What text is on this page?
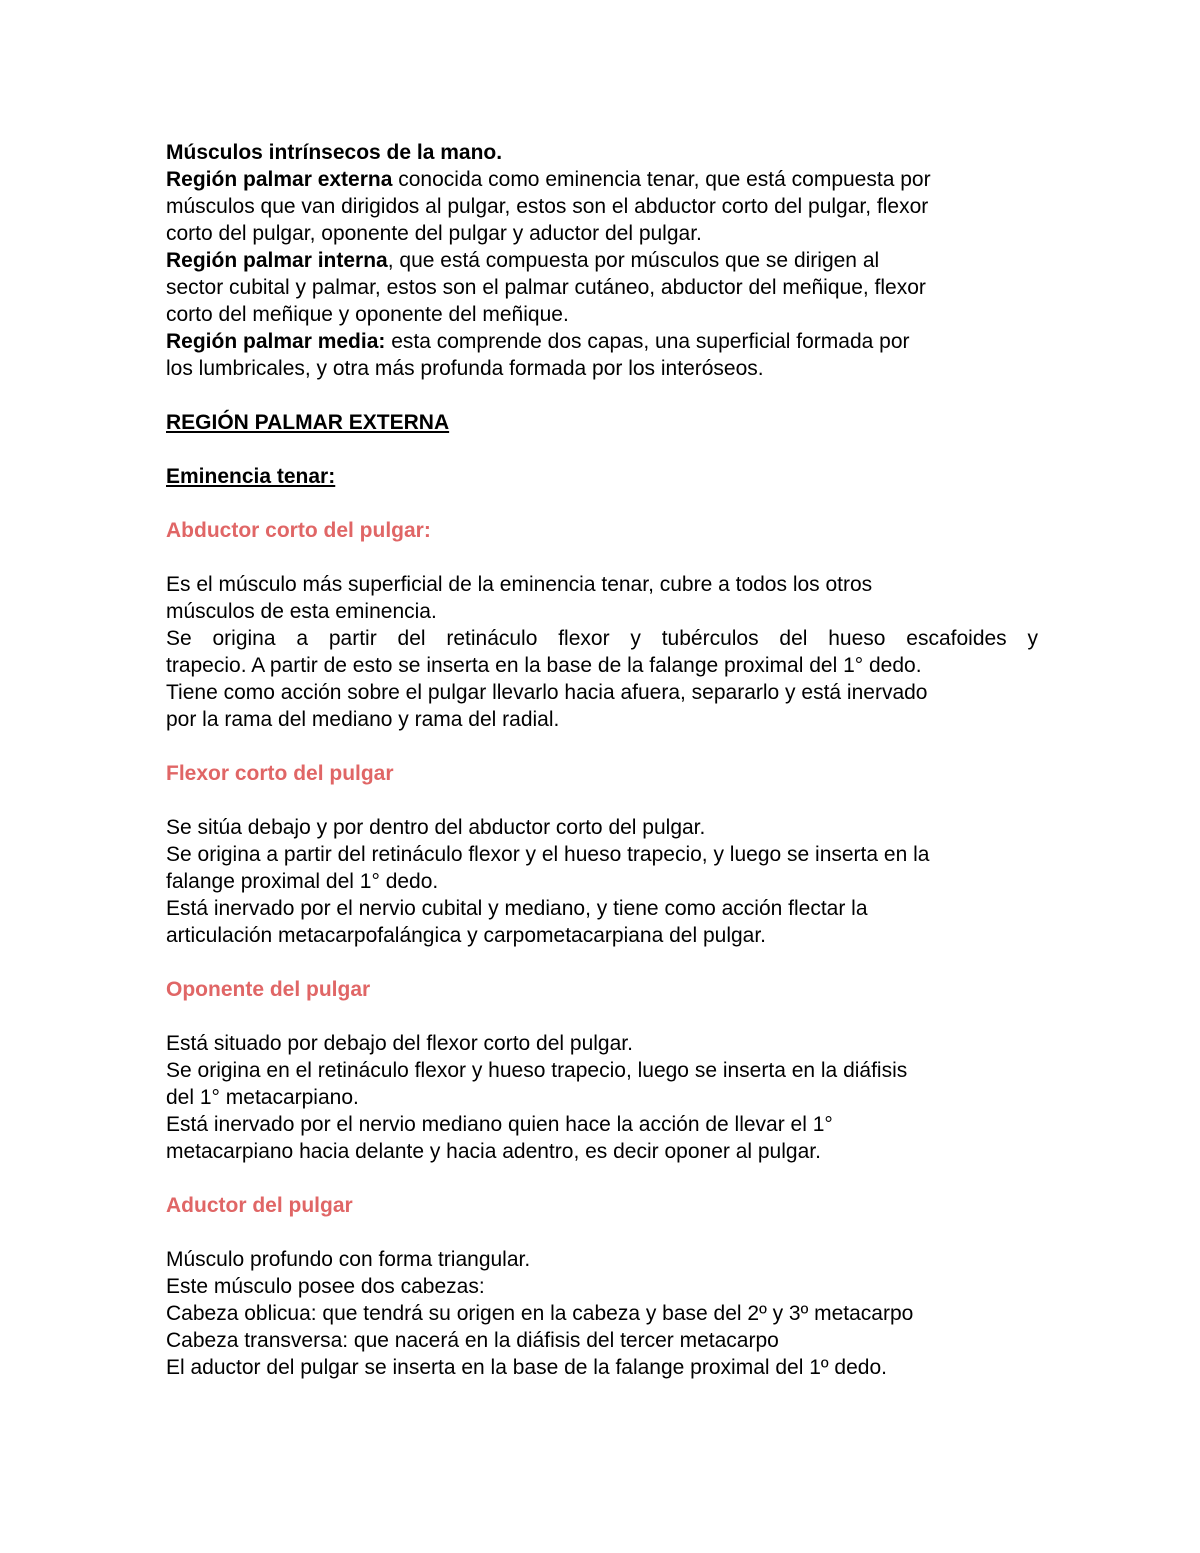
Músculos intrínsecos de la mano.
Región palmar externa conocida como eminencia tenar, que está compuesta por
músculos que van dirigidos al pulgar, estos son el abductor corto del pulgar, flexor
corto del pulgar, oponente del pulgar y aductor del pulgar.
Región palmar interna, que está compuesta por músculos que se dirigen al
sector cubital y palmar, estos son el palmar cutáneo, abductor del meñique, flexor
corto del meñique y oponente del meñique.
Región palmar media: esta comprende dos capas, una superficial formada por
los lumbricales, y otra más profunda formada por los interóseos.
REGIÓN PALMAR EXTERNA
Eminencia tenar:
Abductor corto del pulgar:
Es el músculo más superficial de la eminencia tenar, cubre a todos los otros
músculos de esta eminencia.
Se origina a partir del retináculo flexor y tubérculos del hueso escafoides y
trapecio. A partir de esto se inserta en la base de la falange proximal del 1° dedo.
Tiene como acción sobre el pulgar llevarlo hacia afuera, separarlo y está inervado
por la rama del mediano y rama del radial.
Flexor corto del pulgar
Se sitúa debajo y por dentro del abductor corto del pulgar.
Se origina a partir del retináculo flexor y el hueso trapecio, y luego se inserta en la
falange proximal del 1° dedo.
Está inervado por el nervio cubital y mediano, y tiene como acción flectar la
articulación metacarpofalángica y carpometacarpiana del pulgar.
Oponente del pulgar
Está situado por debajo del flexor corto del pulgar.
Se origina en el retináculo flexor y hueso trapecio, luego se inserta en la diáfisis
del 1° metacarpiano.
Está inervado por el nervio mediano quien hace la acción de llevar el 1°
metacarpiano hacia delante y hacia adentro, es decir oponer al pulgar.
Aductor del pulgar
Músculo profundo con forma triangular.
Este músculo posee dos cabezas:
Cabeza oblicua: que tendrá su origen en la cabeza y base del 2º y 3º metacarpo
Cabeza transversa: que nacerá en la diáfisis del tercer metacarpo
El aductor del pulgar se inserta en la base de la falange proximal del 1º dedo.
